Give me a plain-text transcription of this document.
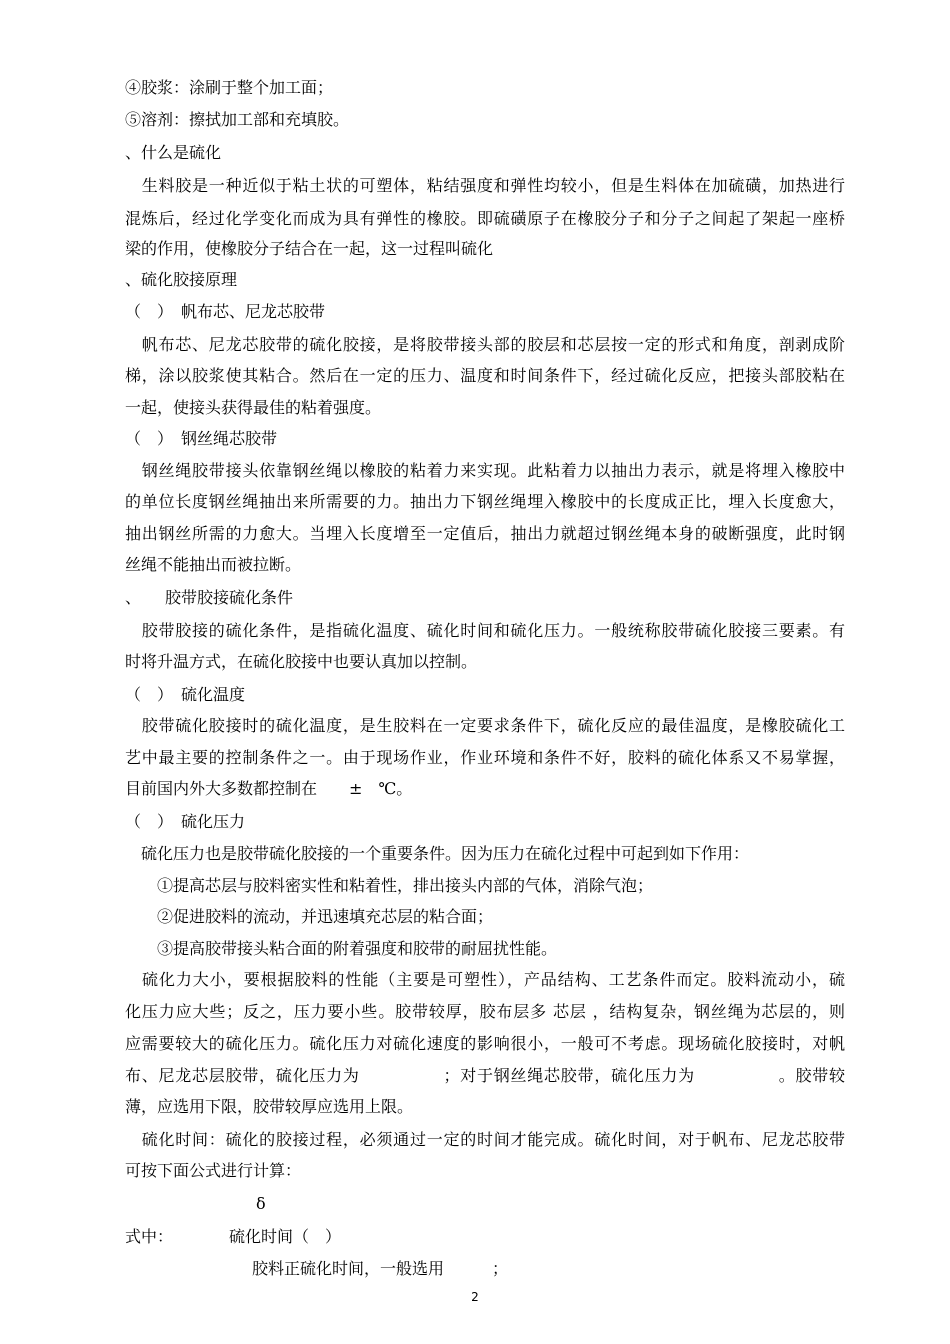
④胶浆：涂刷于整个加工面；
⑤溶剂：擦拭加工部和充填胶。
、什么是硫化
　生料胶是一种近似于粘土状的可塑体，粘结强度和弹性均较小，但是生料体在加硫磺，加热进行
混炼后，经过化学变化而成为具有弹性的橡胶。即硫磺原子在橡胶分子和分子之间起了架起一座桥
梁的作用，使橡胶分子结合在一起，这一过程叫硫化
、硫化胶接原理
（　）　帆布芯、尼龙芯胶带
　帆布芯、尼龙芯胶带的硫化胶接，是将胶带接头部的胶层和芯层按一定的形式和角度，剖剥成阶
梯，涂以胶浆使其粘合。然后在一定的压力、温度和时间条件下，经过硫化反应，把接头部胶粘在
一起，使接头获得最佳的粘着强度。
（　）　钢丝绳芯胶带
　钢丝绳胶带接头依靠钢丝绳以橡胶的粘着力来实现。此粘着力以抽出力表示，就是将埋入橡胶中
的单位长度钢丝绳抽出来所需要的力。抽出力下钢丝绳埋入橡胶中的长度成正比，埋入长度愈大，
抽出钢丝所需的力愈大。当埋入长度增至一定值后，抽出力就超过钢丝绳本身的破断强度，此时钢
丝绳不能抽出而被拉断。
、　　胶带胶接硫化条件
　胶带胶接的硫化条件，是指硫化温度、硫化时间和硫化压力。一般统称胶带硫化胶接三要素。有
时将升温方式，在硫化胶接中也要认真加以控制。
（　）　硫化温度
　胶带硫化胶接时的硫化温度，是生胶料在一定要求条件下，硫化反应的最佳温度，是橡胶硫化工
艺中最主要的控制条件之一。由于现场作业，作业环境和条件不好，胶料的硫化体系又不易掌握，
目前国内外大多数都控制在　　±　℃。
（　）　硫化压力
　硫化压力也是胶带硫化胶接的一个重要条件。因为压力在硫化过程中可起到如下作用：
　　①提高芯层与胶料密实性和粘着性，排出接头内部的气体，消除气泡；
　　②促进胶料的流动，并迅速填充芯层的粘合面；
　　③提高胶带接头粘合面的附着强度和胶带的耐屈扰性能。
　硫化力大小，要根据胶料的性能（主要是可塑性），产品结构、工艺条件而定。胶料流动小，硫
化压力应大些；反之，压力要小些。胶带较厚，胶布层多 芯层 ，结构复杂，钢丝绳为芯层的，则
应需要较大的硫化压力。硫化压力对硫化速度的影响很小，一般可不考虑。现场硫化胶接时，对帆
布、尼龙芯层胶带，硫化压力为　　　　　；对于钢丝绳芯胶带，硫化压力为　　　　　。胶带较
薄，应选用下限，胶带较厚应选用上限。
　硫化时间：硫化的胶接过程，必须通过一定的时间才能完成。硫化时间，对于帆布、尼龙芯胶带
可按下面公式进行计算：
δ
式中：　　　　硫化时间（　）
胶料正硫化时间，一般选用　　　；
2
